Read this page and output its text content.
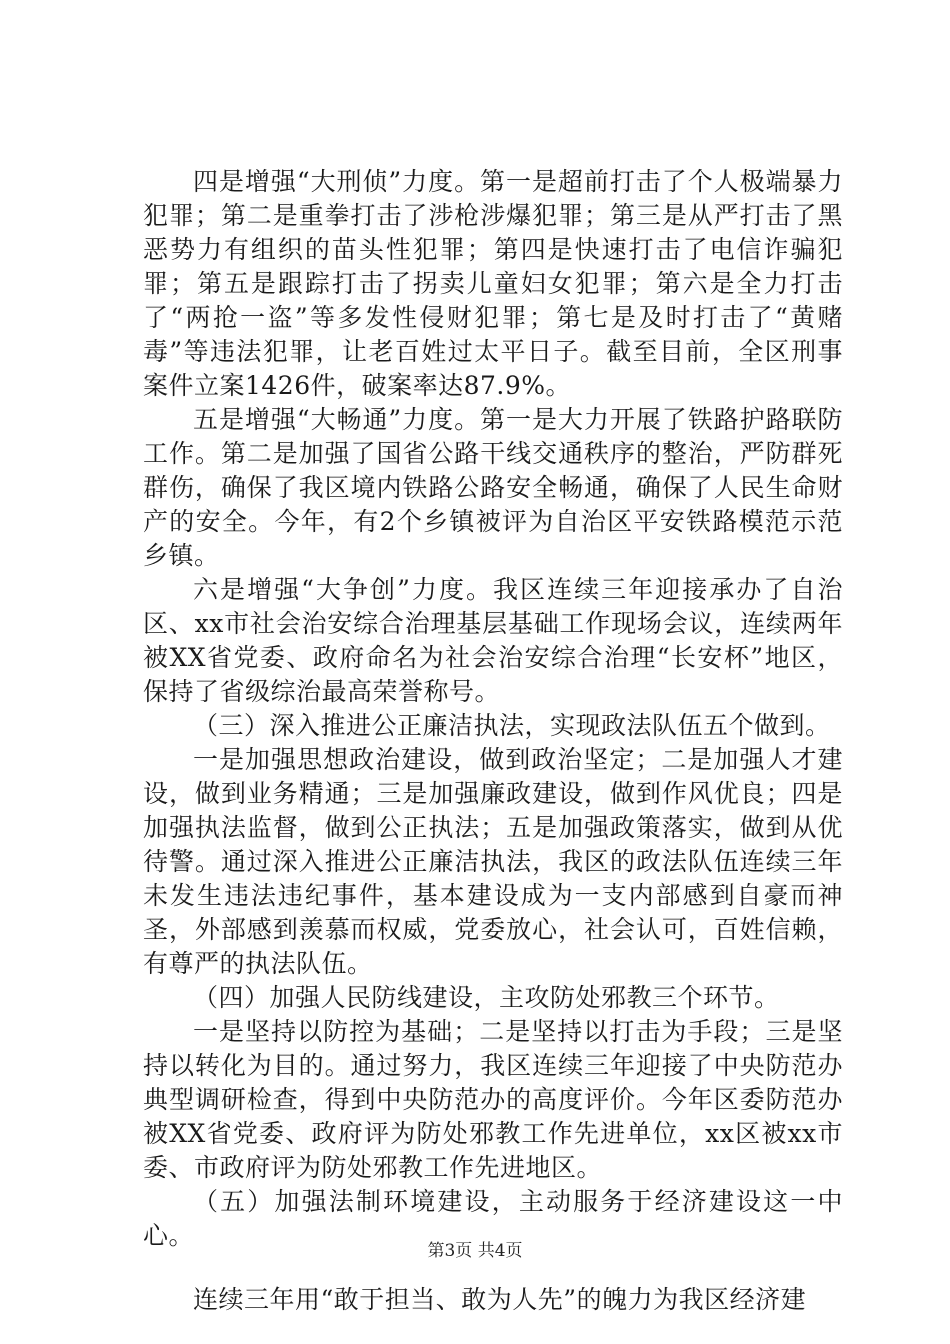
四是增强“大刑侦”力度。第一是超前打击了个人极端暴力犯罪；第二是重拳打击了涉枪涉爆犯罪；第三是从严打击了黑恶势力有组织的苗头性犯罪；第四是快速打击了电信诈骗犯罪；第五是跟踪打击了拐卖儿童妇女犯罪；第六是全力打击了“两抢一盗”等多发性侵财犯罪；第七是及时打击了“黄赌毒”等违法犯罪，让老百姓过太平日子。截至目前，全区刑事案件立案1426件，破案率达87.9%。

五是增强“大畅通”力度。第一是大力开展了铁路护路联防工作。第二是加强了国省公路干线交通秩序的整治，严防群死群伤，确保了我区境内铁路公路安全畅通，确保了人民生命财产的安全。今年，有2个乡镇被评为自治区平安铁路模范示范乡镇。

六是增强“大争创”力度。我区连续三年迎接承办了自治区、xx市社会治安综合治理基层基础工作现场会议，连续两年被XX省党委、政府命名为社会治安综合治理“长安杯”地区，保持了省级综治最高荣誉称号。

（三）深入推进公正廉洁执法，实现政法队伍五个做到。

一是加强思想政治建设，做到政治坚定；二是加强人才建设，做到业务精通；三是加强廉政建设，做到作风优良；四是加强执法监督，做到公正执法；五是加强政策落实，做到从优待警。通过深入推进公正廉洁执法，我区的政法队伍连续三年未发生违法违纪事件，基本建设成为一支内部感到自豪而神圣，外部感到羡慕而权威，党委放心，社会认可，百姓信赖，有尊严的执法队伍。

（四）加强人民防线建设，主攻防处邪教三个环节。

一是坚持以防控为基础；二是坚持以打击为手段；三是坚持以转化为目的。通过努力，我区连续三年迎接了中央防范办典型调研检查，得到中央防范办的高度评价。今年区委防范办被XX省党委、政府评为防处邪教工作先进单位，xx区被xx市委、市政府评为防处邪教工作先进地区。

（五）加强法制环境建设，主动服务于经济建设这一中心。

连续三年用“敢于担当、敢为人先”的魄力为我区经济建

第3页 共4页
